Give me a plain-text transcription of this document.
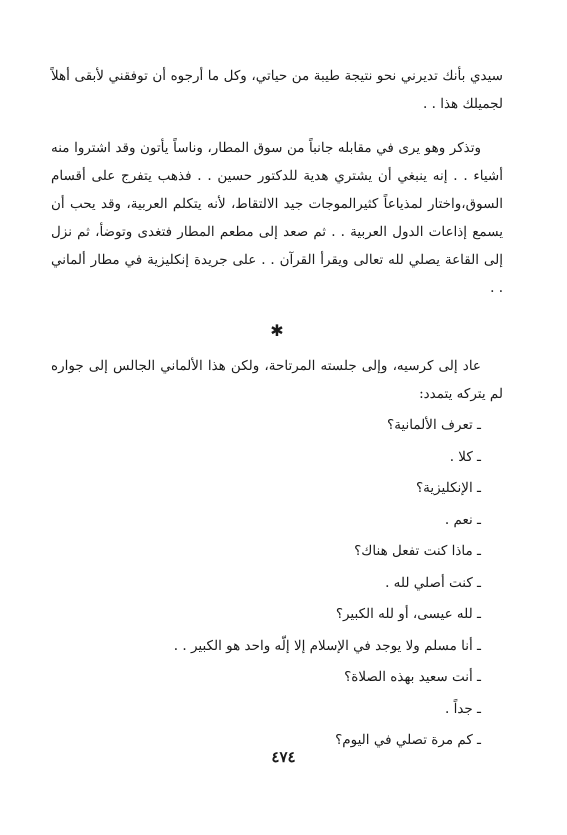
سيدي بأنك تديرني نحو نتيجة طيبة من حياتي، وكل ما أرجوه أن توفقني لأبقى أهلاً لجميلك هذا . .

وتذكر وهو يرى في مقابله جانباً من سوق المطار، وناساً يأتون وقد اشتروا منه أشياء . . إنه ينبغي أن يشتري هدية للدكتور حسين . . فذهب يتفرج على أقسام السوق،واختار لمذياعاً كثيرالموجات جيد الالتقاط، لأنه يتكلم العربية، وقد يحب أن يسمع إذاعات الدول العربية . . ثم صعد إلى مطعم المطار فتغدى وتوضأ، ثم نزل إلى القاعة يصلي لله تعالى ويقرأ القرآن . . على جريدة إنكليزية في مطار ألماني . .

✱

عاد إلى كرسيه، وإلى جلسته المرتاحة، ولكن هذا الألماني الجالس إلى جواره لم يتركه يتمدد:

ـ تعرف الألمانية؟
ـ كلا .
ـ الإنكليزية؟
ـ نعم .
ـ ماذا كنت تفعل هناك؟
ـ كنت أصلي لله .
ـ لله عيسى، أو لله الكبير؟
ـ أنا مسلم ولا يوجد في الإسلام إلا إلّه واحد هو الكبير . .
ـ أنت سعيد بهذه الصلاة؟
ـ جداً .
ـ كم مرة تصلي في اليوم؟
٤٧٤
